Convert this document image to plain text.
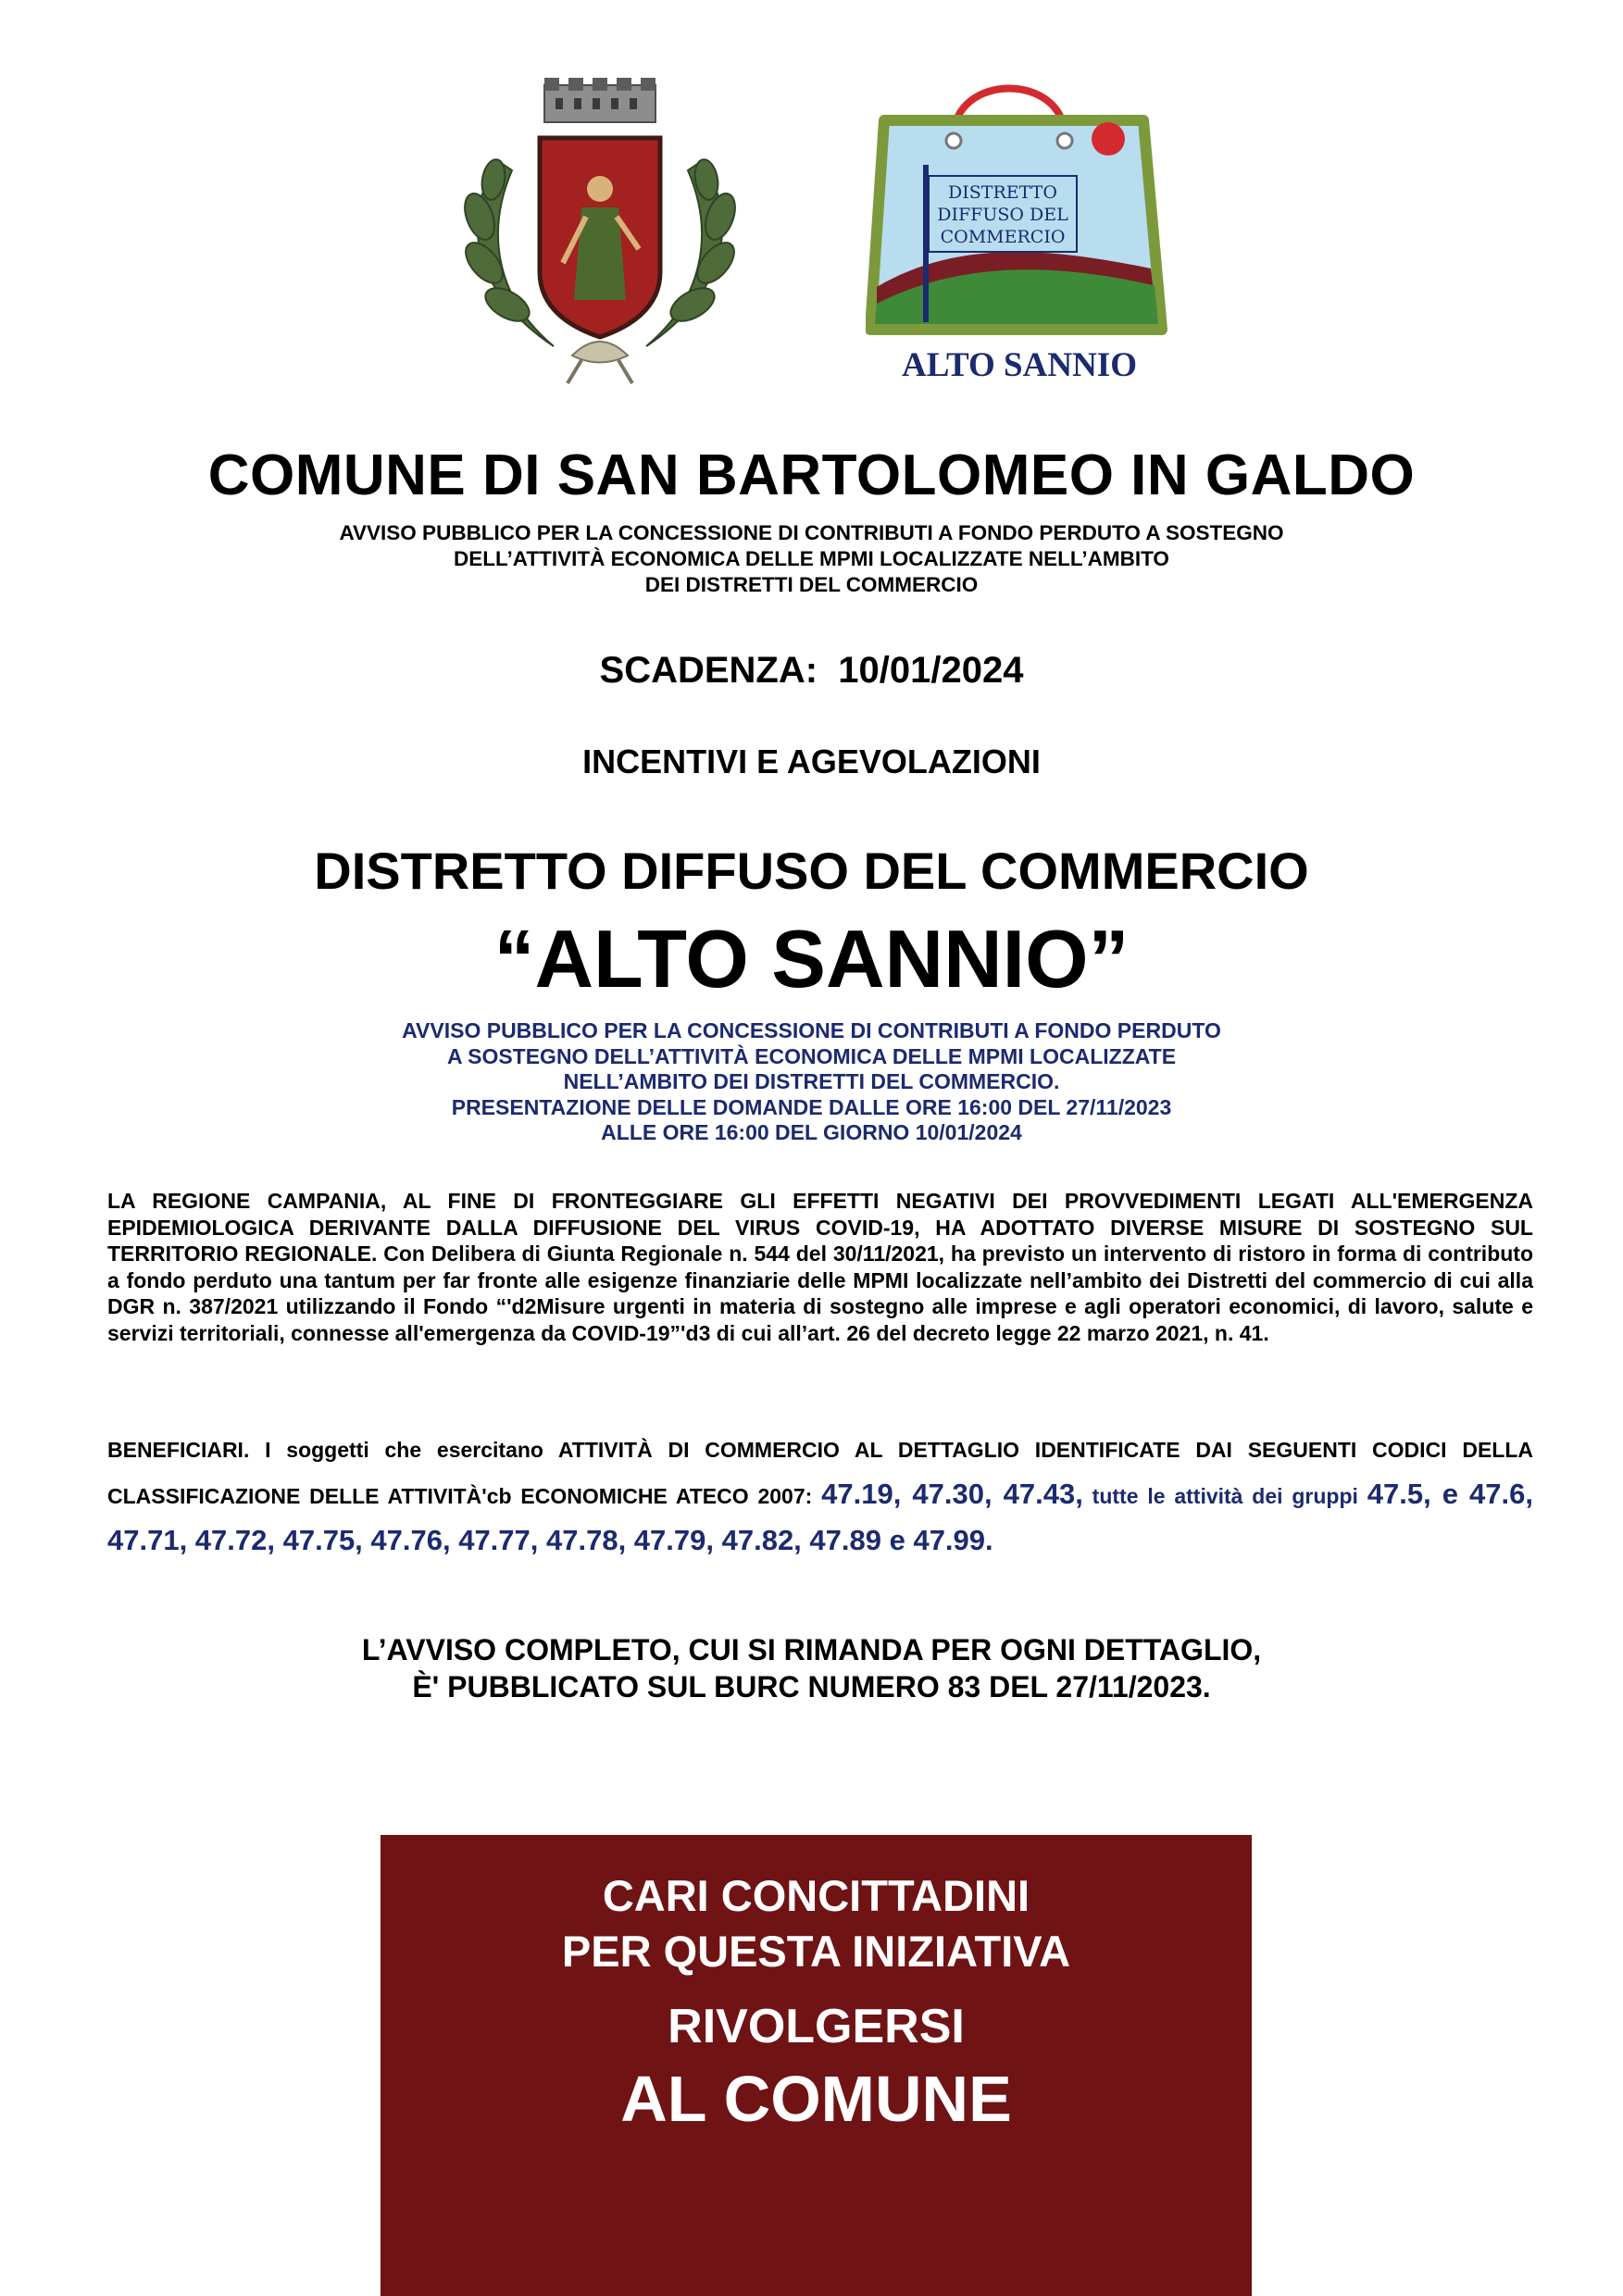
DISTRETTO
DIFFUSO DEL
COMMERCIO
ALTO SANNIO
COMUNE DI SAN BARTOLOMEO IN GALDO
AVVISO PUBBLICO PER LA CONCESSIONE DI CONTRIBUTI A FONDO PERDUTO A SOSTEGNO
DELL’ATTIVITÀ ECONOMICA DELLE MPMI LOCALIZZATE NELL’AMBITO
DEI DISTRETTI DEL COMMERCIO
SCADENZA:  10/01/2024
INCENTIVI E AGEVOLAZIONI
DISTRETTO DIFFUSO DEL COMMERCIO
“ALTO SANNIO”
AVVISO PUBBLICO PER LA CONCESSIONE DI CONTRIBUTI A FONDO PERDUTO
A SOSTEGNO DELL’ATTIVITÀ ECONOMICA DELLE MPMI LOCALIZZATE
NELL’AMBITO DEI DISTRETTI DEL COMMERCIO.
PRESENTAZIONE DELLE DOMANDE DALLE ORE 16:00 DEL 27/11/2023
ALLE ORE 16:00 DEL GIORNO 10/01/2024
LA REGIONE CAMPANIA, AL FINE DI FRONTEGGIARE GLI EFFETTI NEGATIVI DEI PROVVEDIMENTI LEGATI ALL'EMERGENZA EPIDEMIOLOGICA DERIVANTE DALLA DIFFUSIONE DEL VIRUS COVID-19, HA ADOTTATO DIVERSE MISURE DI SOSTEGNO SUL TERRITORIO REGIONALE. Con Delibera di Giunta Regionale n. 544 del 30/11/2021, ha previsto un intervento di ristoro in forma di contributo a fondo perduto una tantum per far fronte alle esigenze finanziarie delle MPMI localizzate nell’ambito dei Distretti del commercio di cui alla DGR n. 387/2021 utilizzando il Fondo “'d2Misure urgenti in materia di sostegno alle imprese e agli operatori economici, di lavoro, salute e servizi territoriali, connesse all'emergenza da COVID-19”'d3 di cui all’art. 26 del decreto legge 22 marzo 2021, n. 41.
BENEFICIARI. I soggetti che esercitano ATTIVITÀ DI COMMERCIO AL DETTAGLIO IDENTIFICATE DAI SEGUENTI CODICI DELLA CLASSIFICAZIONE DELLE ATTIVITÀ'cb ECONOMICHE ATECO 2007: 47.19, 47.30, 47.43, tutte le attività dei gruppi 47.5, e 47.6, 47.71, 47.72, 47.75, 47.76, 47.77, 47.78, 47.79, 47.82, 47.89 e 47.99.
L’AVVISO COMPLETO, CUI SI RIMANDA PER OGNI DETTAGLIO,
È' PUBBLICATO SUL BURC NUMERO 83 DEL 27/11/2023.
CARI CONCITTADINI
PER QUESTA INIZIATIVA
RIVOLGERSI
AL COMUNE
